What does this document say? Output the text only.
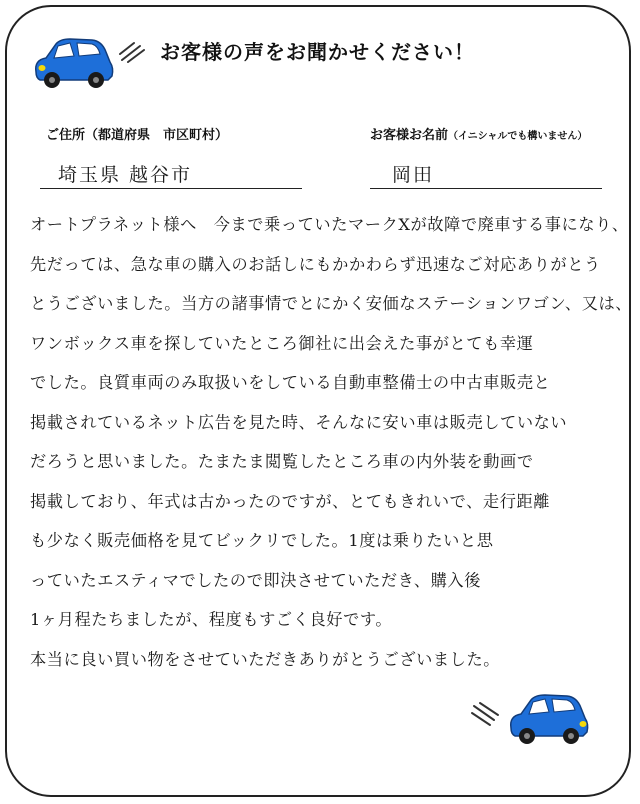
お客様の声をお聞かせください！
ご住所（都道府県　市区町村）
埼玉県 越谷市
お客様お名前（イニシャルでも構いません）
岡田
オートプラネット様へ　今まで乗っていたマークXが故障で廃車する事になり、
先だっては、急な車の購入のお話しにもかかわらず迅速なご対応ありがとう
とうございました。当方の諸事情でとにかく安価なステーションワゴン、又は、
ワンボックス車を探していたところ御社に出会えた事がとても幸運
でした。良質車両のみ取扱いをしている自動車整備士の中古車販売と
掲載されているネット広告を見た時、そんなに安い車は販売していない
だろうと思いました。たまたま閲覧したところ車の内外装を動画で
掲載しており、年式は古かったのですが、とてもきれいで、走行距離
も少なく販売価格を見てビックリでした。1度は乗りたいと思
っていたエスティマでしたので即決させていただき、購入後
1ヶ月程たちましたが、程度もすごく良好です。
本当に良い買い物をさせていただきありがとうございました。
